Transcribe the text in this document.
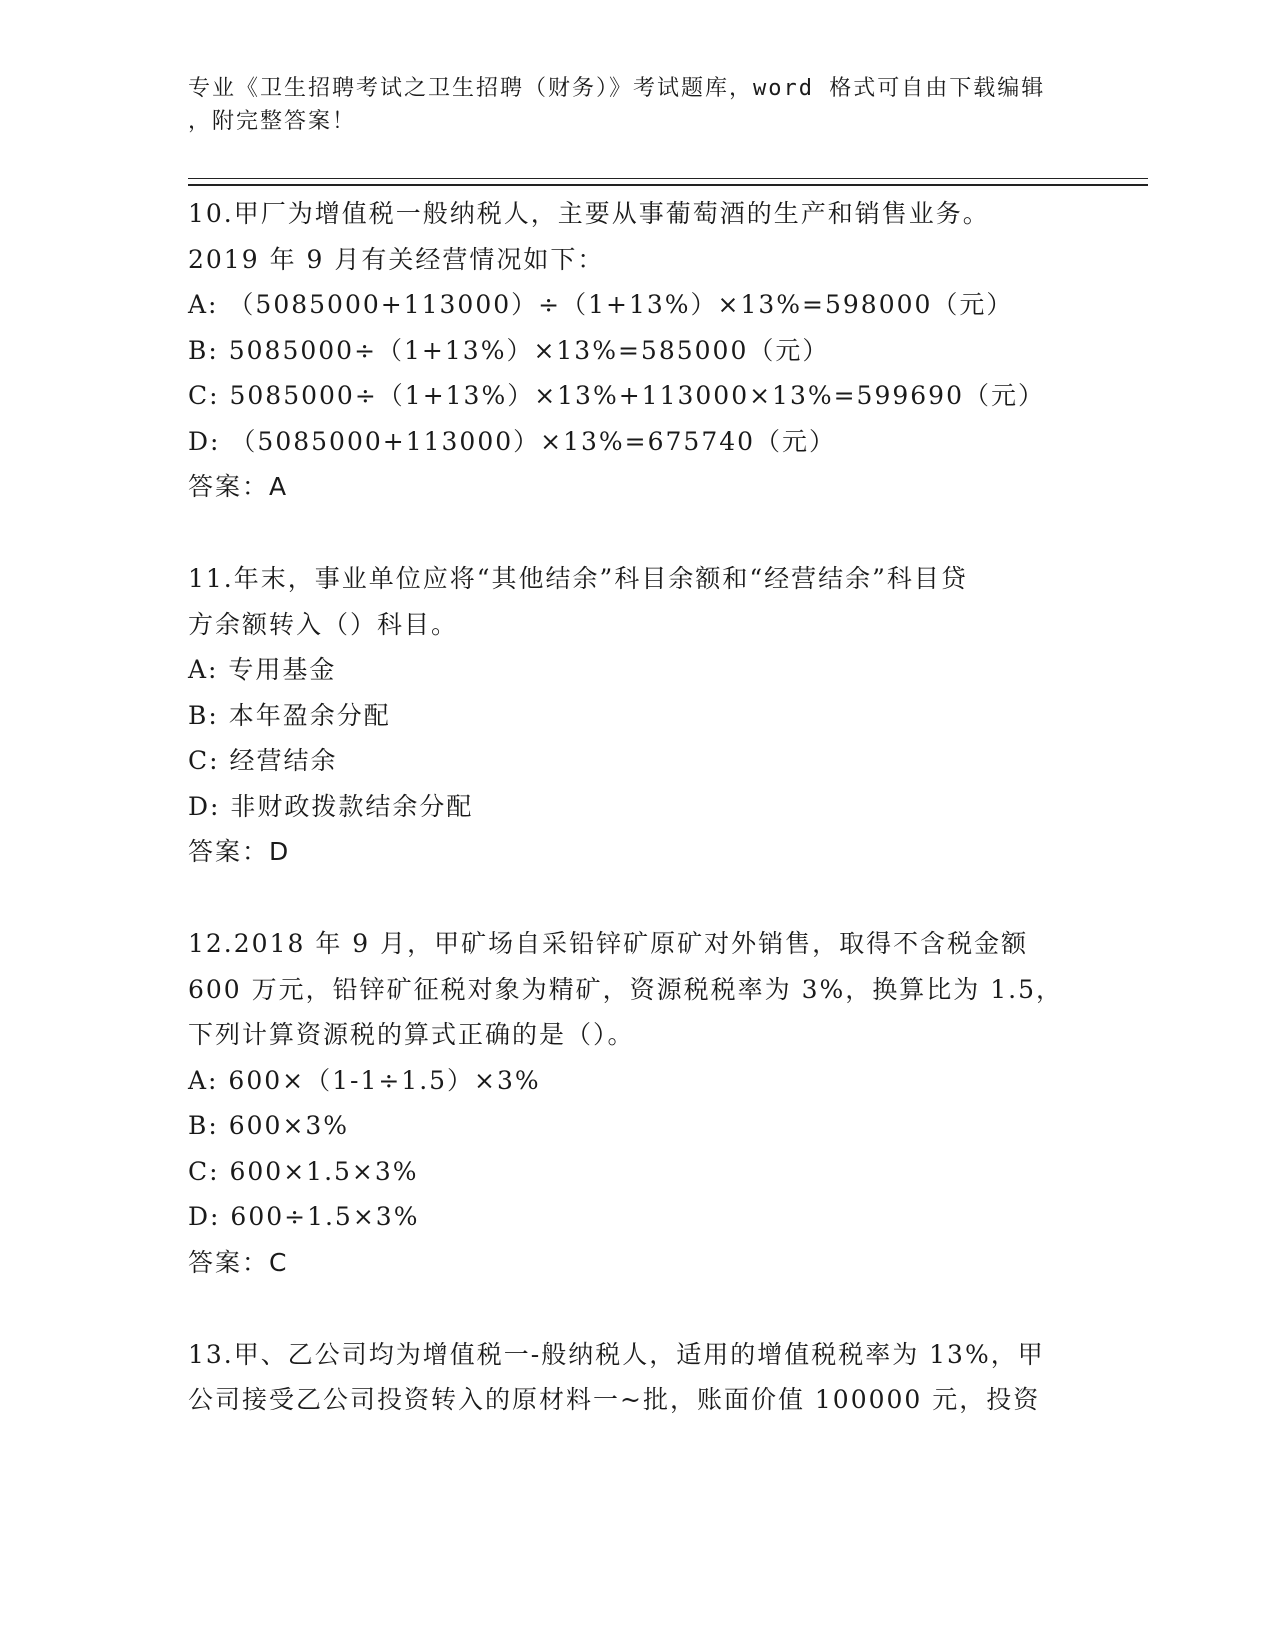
专业《卫生招聘考试之卫生招聘（财务）》考试题库，word 格式可自由下载编辑
，附完整答案！
10.甲厂为增值税一般纳税人，主要从事葡萄酒的生产和销售业务。
2019 年 9 月有关经营情况如下：
A: （5085000+113000）÷（1+13%）×13%=598000（元）
B: 5085000÷（1+13%）×13%=585000（元）
C: 5085000÷（1+13%）×13%+113000×13%=599690（元）
D: （5085000+113000）×13%=675740（元）
答案：A
11.年末，事业单位应将“其他结余”科目余额和“经营结余”科目贷
方余额转入（）科目。
A: 专用基金
B: 本年盈余分配
C: 经营结余
D: 非财政拨款结余分配
答案：D
12.2018 年 9 月，甲矿场自采铅锌矿原矿对外销售，取得不含税金额
600 万元，铅锌矿征税对象为精矿，资源税税率为 3%，换算比为 1.5，
下列计算资源税的算式正确的是（）。
A: 600×（1-1÷1.5）×3%
B: 600×3%
C: 600×1.5×3%
D: 600÷1.5×3%
答案：C
13.甲、乙公司均为增值税一-般纳税人，适用的增值税税率为 13%，甲
公司接受乙公司投资转入的原材料一~批，账面价值 100000 元，投资
